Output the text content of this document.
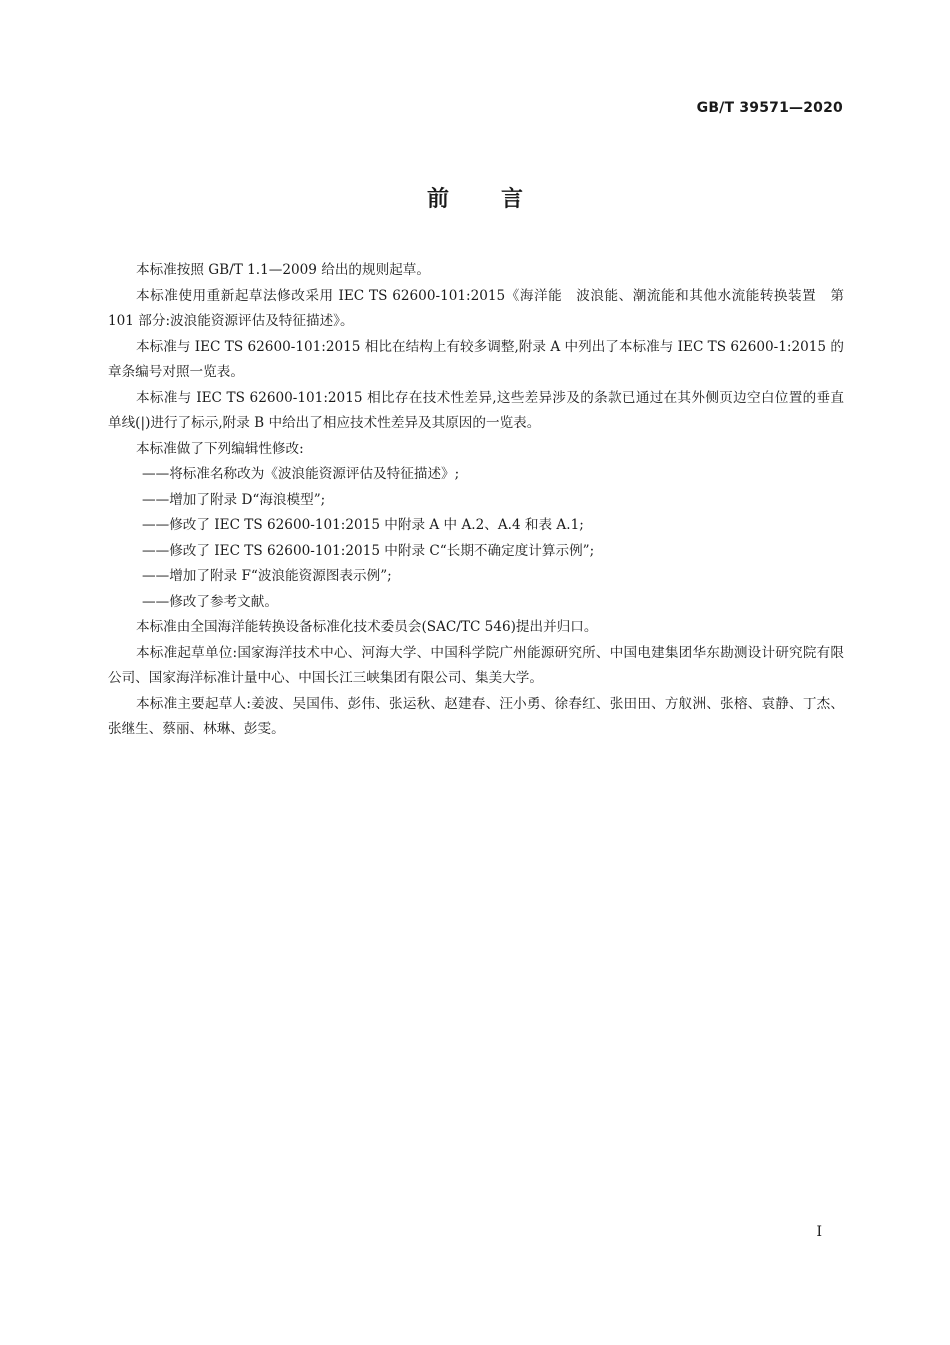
GB/T 39571—2020
前 言

本标准按照 GB/T 1.1—2009 给出的规则起草。

本标准使用重新起草法修改采用 IEC TS 62600-101:2015《海洋能　波浪能、潮流能和其他水流能转换装置　第 101 部分:波浪能资源评估及特征描述》。

本标准与 IEC TS 62600-101:2015 相比在结构上有较多调整,附录 A 中列出了本标准与 IEC TS 62600-1:2015 的章条编号对照一览表。

本标准与 IEC TS 62600-101:2015 相比存在技术性差异,这些差异涉及的条款已通过在其外侧页边空白位置的垂直单线(|)进行了标示,附录 B 中给出了相应技术性差异及其原因的一览表。

本标准做了下列编辑性修改:

——将标准名称改为《波浪能资源评估及特征描述》;

——增加了附录 D“海浪模型”;

——修改了 IEC TS 62600-101:2015 中附录 A 中 A.2、A.4 和表 A.1;

——修改了 IEC TS 62600-101:2015 中附录 C“长期不确定度计算示例”;

——增加了附录 F“波浪能资源图表示例”;

——修改了参考文献。

本标准由全国海洋能转换设备标准化技术委员会(SAC/TC 546)提出并归口。

本标准起草单位:国家海洋技术中心、河海大学、中国科学院广州能源研究所、中国电建集团华东勘测设计研究院有限公司、国家海洋标准计量中心、中国长江三峡集团有限公司、集美大学。

本标准主要起草人:姜波、吴国伟、彭伟、张运秋、赵建春、汪小勇、徐春红、张田田、方舣洲、张榕、袁静、丁杰、张继生、蔡丽、林琳、彭雯。

I
